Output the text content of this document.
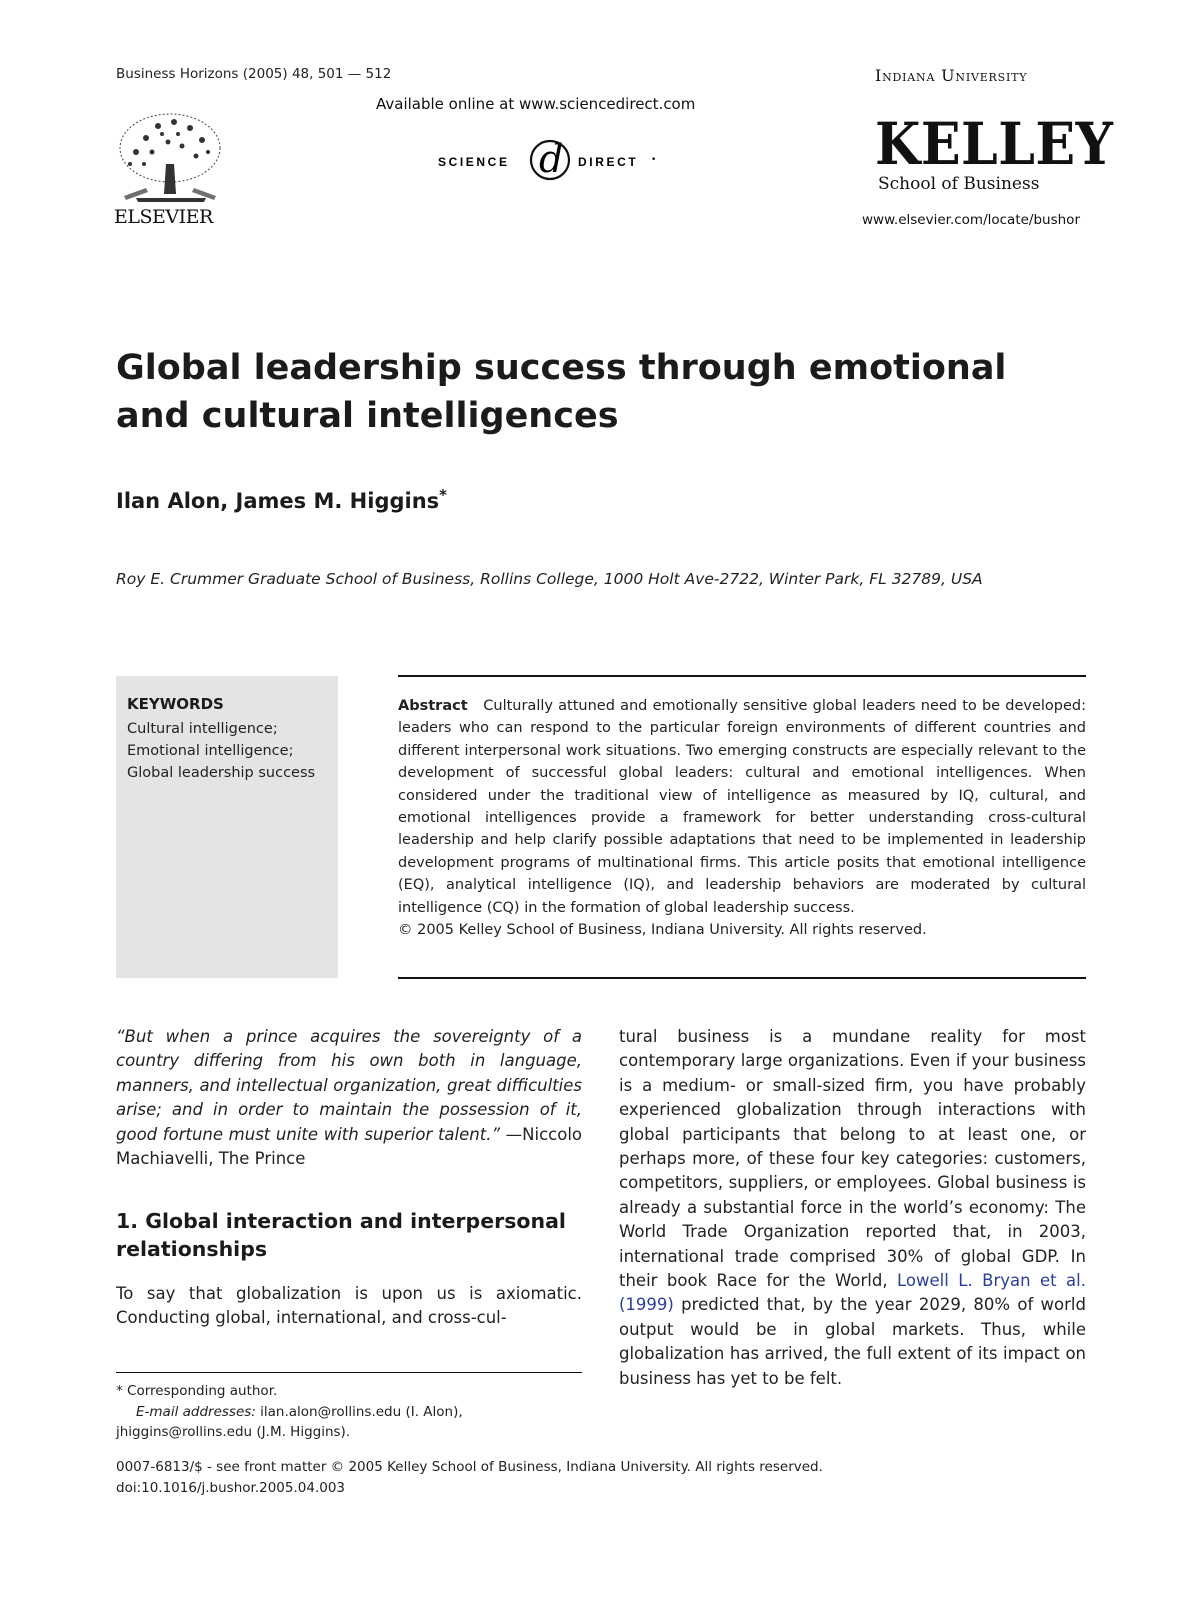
Business Horizons (2005) 48, 501 — 512
Available online at www.sciencedirect.com
SCIENCE d DIRECT •
ELSEVIER
Indiana University
KELLEY
School of Business
www.elsevier.com/locate/bushor
Global leadership success through emotional and cultural intelligences
Ilan Alon, James M. Higgins*
Roy E. Crummer Graduate School of Business, Rollins College, 1000 Holt Ave-2722, Winter Park, FL 32789, USA
KEYWORDS
Cultural intelligence;
Emotional intelligence;
Global leadership success
Abstract Culturally attuned and emotionally sensitive global leaders need to be developed: leaders who can respond to the particular foreign environments of different countries and different interpersonal work situations. Two emerging constructs are especially relevant to the development of successful global leaders: cultural and emotional intelligences. When considered under the traditional view of intelligence as measured by IQ, cultural, and emotional intelligences provide a framework for better understanding cross-cultural leadership and help clarify possible adaptations that need to be implemented in leadership development programs of multinational firms. This article posits that emotional intelligence (EQ), analytical intelligence (IQ), and leadership behaviors are moderated by cultural intelligence (CQ) in the formation of global leadership success.
© 2005 Kelley School of Business, Indiana University. All rights reserved.
“But when a prince acquires the sovereignty of a country differing from his own both in language, manners, and intellectual organization, great difficulties arise; and in order to maintain the possession of it, good fortune must unite with superior talent.” —Niccolo Machiavelli, The Prince
1. Global interaction and interpersonal relationships
To say that globalization is upon us is axiomatic. Conducting global, international, and cross-cul-
tural business is a mundane reality for most contemporary large organizations. Even if your business is a medium- or small-sized firm, you have probably experienced globalization through interactions with global participants that belong to at least one, or perhaps more, of these four key categories: customers, competitors, suppliers, or employees. Global business is already a substantial force in the world’s economy: The World Trade Organization reported that, in 2003, international trade comprised 30% of global GDP. In their book Race for the World, Lowell L. Bryan et al. (1999) predicted that, by the year 2029, 80% of world output would be in global markets. Thus, while globalization has arrived, the full extent of its impact on business has yet to be felt.
* Corresponding author.
E-mail addresses: ilan.alon@rollins.edu (I. Alon), jhiggins@rollins.edu (J.M. Higgins).
0007-6813/$ - see front matter © 2005 Kelley School of Business, Indiana University. All rights reserved.
doi:10.1016/j.bushor.2005.04.003
